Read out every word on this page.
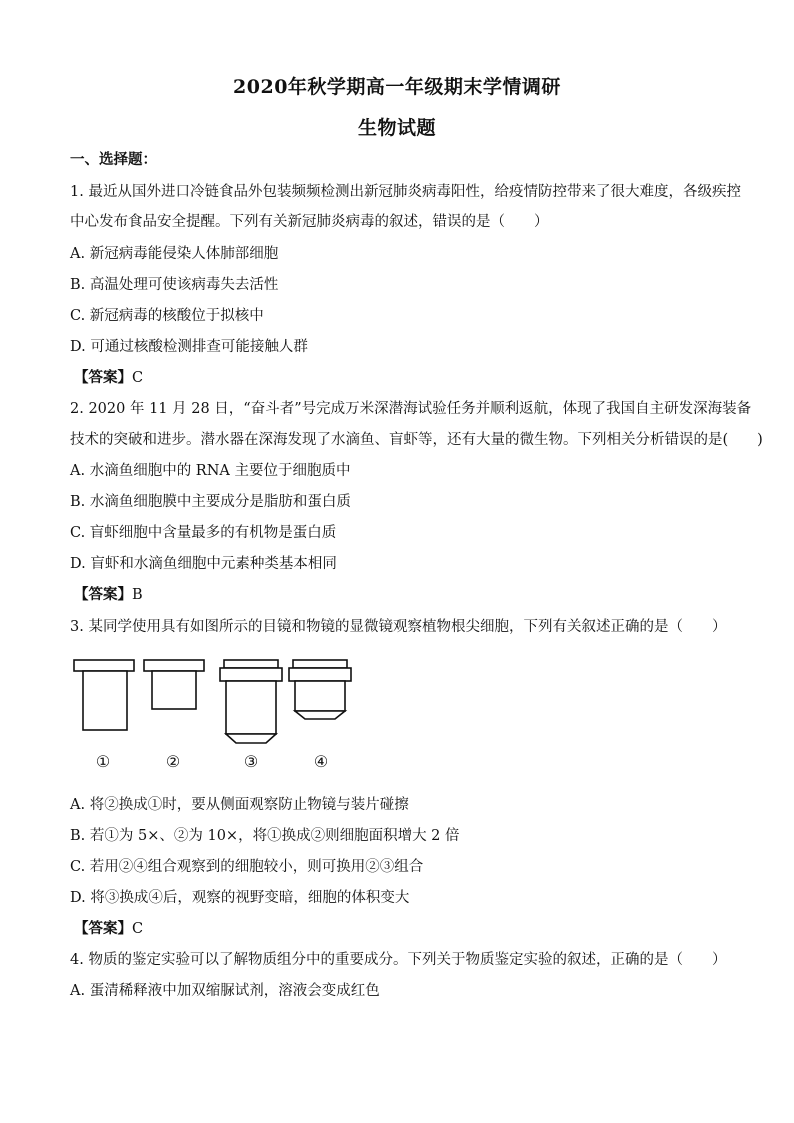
2020年秋学期高一年级期末学情调研
生物试题
一、选择题：
1. 最近从国外进口冷链食品外包装频频检测出新冠肺炎病毒阳性，给疫情防控带来了很大难度，各级疾控
中心发布食品安全提醒。下列有关新冠肺炎病毒的叙述，错误的是（　　）
A. 新冠病毒能侵染人体肺部细胞
B. 高温处理可使该病毒失去活性
C. 新冠病毒的核酸位于拟核中
D. 可通过核酸检测排查可能接触人群
【答案】C
2. 2020 年 11 月 28 日，“奋斗者”号完成万米深潜海试验任务并顺利返航，体现了我国自主研发深海装备
技术的突破和进步。潜水器在深海发现了水滴鱼、盲虾等，还有大量的微生物。下列相关分析错误的是(　　)
A. 水滴鱼细胞中的 RNA 主要位于细胞质中
B. 水滴鱼细胞膜中主要成分是脂肪和蛋白质
C. 盲虾细胞中含量最多的有机物是蛋白质
D. 盲虾和水滴鱼细胞中元素种类基本相同
【答案】B
3. 某同学使用具有如图所示的目镜和物镜的显微镜观察植物根尖细胞，下列有关叙述正确的是（　　）
①	②	③	④
A. 将②换成①时，要从侧面观察防止物镜与装片碰擦
B. 若①为 5×、②为 10×，将①换成②则细胞面积增大 2 倍
C. 若用②④组合观察到的细胞较小，则可换用②③组合
D. 将③换成④后，观察的视野变暗，细胞的体积变大
【答案】C
4. 物质的鉴定实验可以了解物质组分中的重要成分。下列关于物质鉴定实验的叙述，正确的是（　　）
A. 蛋清稀释液中加双缩脲试剂，溶液会变成红色
